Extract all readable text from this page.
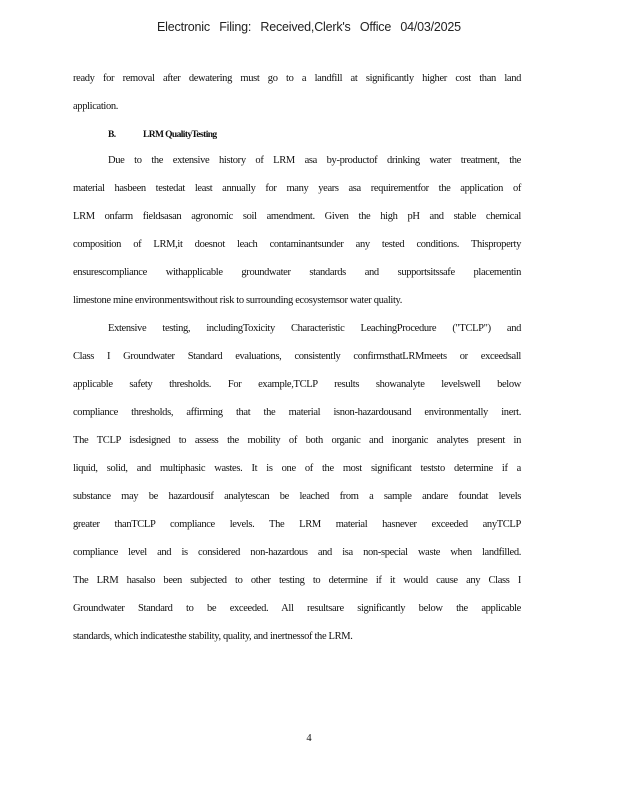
Electronic Filing: Received,Clerk's Office 04/03/2025
ready for removal after dewatering must go to a landfill at significantly higher cost than land
application.
B.	LRM QualityTesting
Due to the extensive history of LRM asa by-productof drinking water treatment, the
material hasbeen testedat least annually for many years asa requirementfor the application of
LRM onfarm fieldsasan agronomic soil amendment. Given the high pH and stable chemical
composition of LRM,it doesnot leach contaminantsunder any tested conditions. Thisproperty
ensurescompliance withapplicable groundwater standards and supportsitssafe placementin
limestone mine environmentswithout risk to surrounding ecosystemsor water quality.
Extensive testing, includingToxicity Characteristic LeachingProcedure ("TCLP") and
Class I Groundwater Standard evaluations, consistently confirmsthatLRMmeets or exceedsall
applicable safety thresholds. For example,TCLP results showanalyte levelswell below
compliance thresholds, affirming that the material isnon-hazardousand environmentally inert.
The TCLP isdesigned to assess the mobility of both organic and inorganic analytes present in
liquid, solid, and multiphasic wastes. It is one of the most significant teststo determine if a
substance may be hazardousif analytescan be leached from a sample andare foundat levels
greater thanTCLP compliance levels. The LRM material hasnever exceeded anyTCLP
compliance level and is considered non-hazardous and isa non-special waste when landfilled.
The LRM hasalso been subjected to other testing to determine if it would cause any Class I
Groundwater Standard to be exceeded. All resultsare significantly below the applicable
standards, which indicatesthe stability, quality, and inertnessof the LRM.
4
